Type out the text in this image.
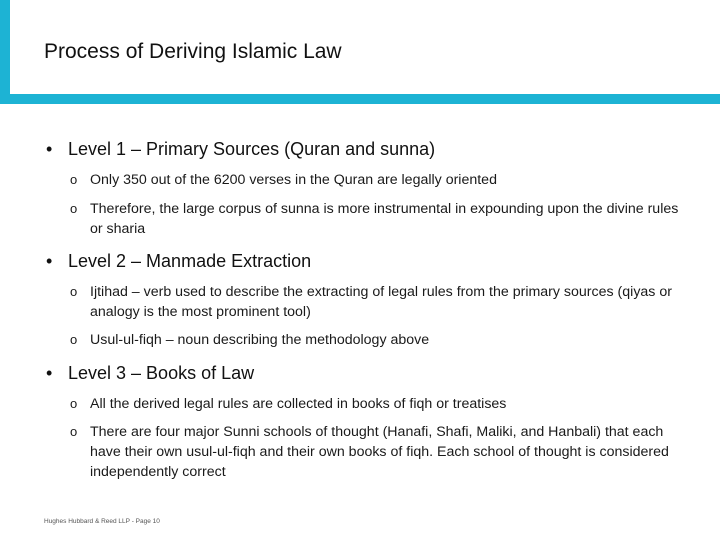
Process of Deriving Islamic Law
• Level 1 – Primary Sources (Quran and sunna)
o Only 350 out of the 6200 verses in the Quran are legally oriented
o Therefore, the large corpus of sunna is more instrumental in expounding upon the divine rules or sharia
• Level 2 – Manmade Extraction
o Ijtihad – verb used to describe the extracting of legal rules from the primary sources (qiyas or analogy is the most prominent tool)
o Usul-ul-fiqh – noun describing the methodology above
• Level 3 – Books of Law
o All the derived legal rules are collected in books of fiqh or treatises
o There are four major Sunni schools of thought (Hanafi, Shafi, Maliki, and Hanbali) that each have their own usul-ul-fiqh and their own books of fiqh. Each school of thought is considered independently correct
Hughes Hubbard & Reed LLP - Page 10
